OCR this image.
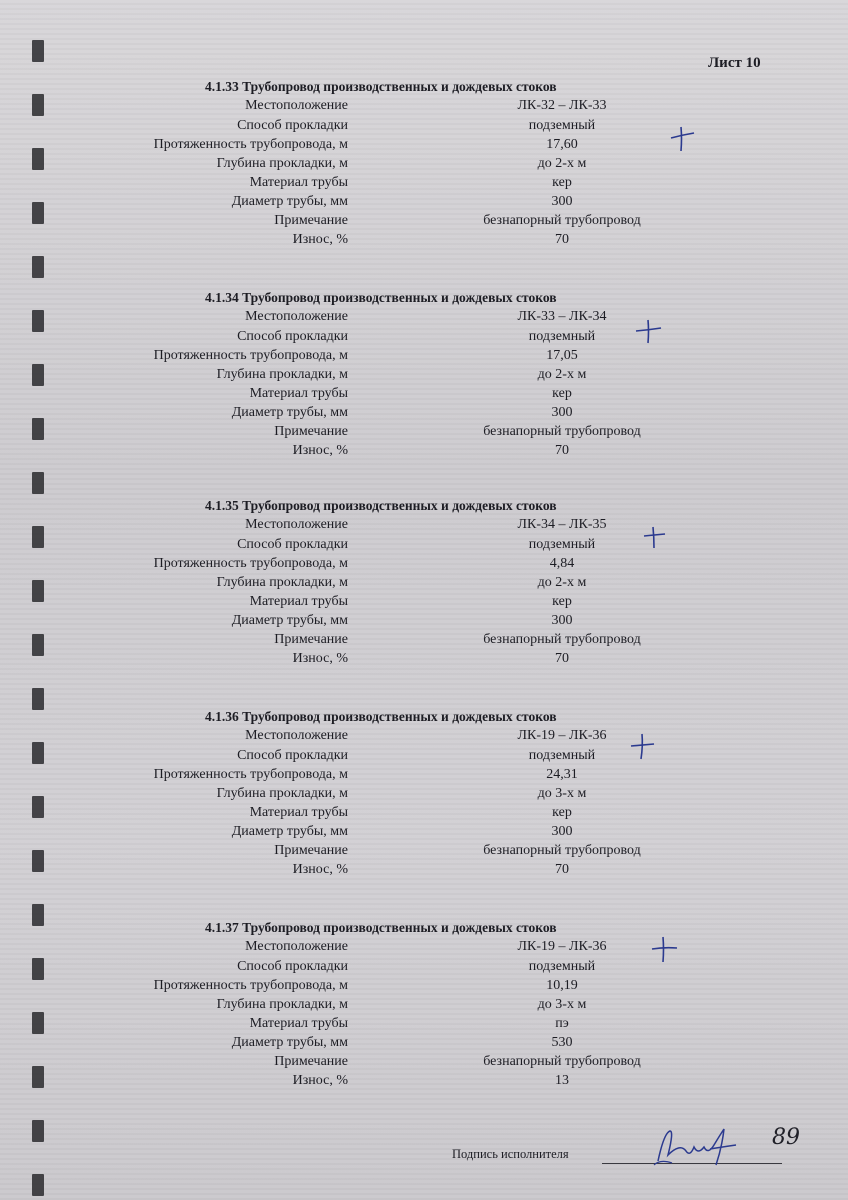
Лист 10
4.1.33 Трубопровод производственных и дождевых стоков
Местоположение	ЛК-32 – ЛК-33
Способ прокладки	подземный
Протяженность трубопровода, м	17,60
Глубина прокладки, м	до 2-х м
Материал трубы	кер
Диаметр трубы, мм	300
Примечание	безнапорный трубопровод
Износ, %	70
4.1.34 Трубопровод производственных и дождевых стоков
Местоположение	ЛК-33 – ЛК-34
Способ прокладки	подземный
Протяженность трубопровода, м	17,05
Глубина прокладки, м	до 2-х м
Материал трубы	кер
Диаметр трубы, мм	300
Примечание	безнапорный трубопровод
Износ, %	70
4.1.35 Трубопровод производственных и дождевых стоков
Местоположение	ЛК-34 – ЛК-35
Способ прокладки	подземный
Протяженность трубопровода, м	4,84
Глубина прокладки, м	до 2-х м
Материал трубы	кер
Диаметр трубы, мм	300
Примечание	безнапорный трубопровод
Износ, %	70
4.1.36 Трубопровод производственных и дождевых стоков
Местоположение	ЛК-19 – ЛК-36
Способ прокладки	подземный
Протяженность трубопровода, м	24,31
Глубина прокладки, м	до 3-х м
Материал трубы	кер
Диаметр трубы, мм	300
Примечание	безнапорный трубопровод
Износ, %	70
4.1.37 Трубопровод производственных и дождевых стоков
Местоположение	ЛК-19 – ЛК-36
Способ прокладки	подземный
Протяженность трубопровода, м	10,19
Глубина прокладки, м	до 3-х м
Материал трубы	пэ
Диаметр трубы, мм	530
Примечание	безнапорный трубопровод
Износ, %	13
Подпись исполнителя
89
